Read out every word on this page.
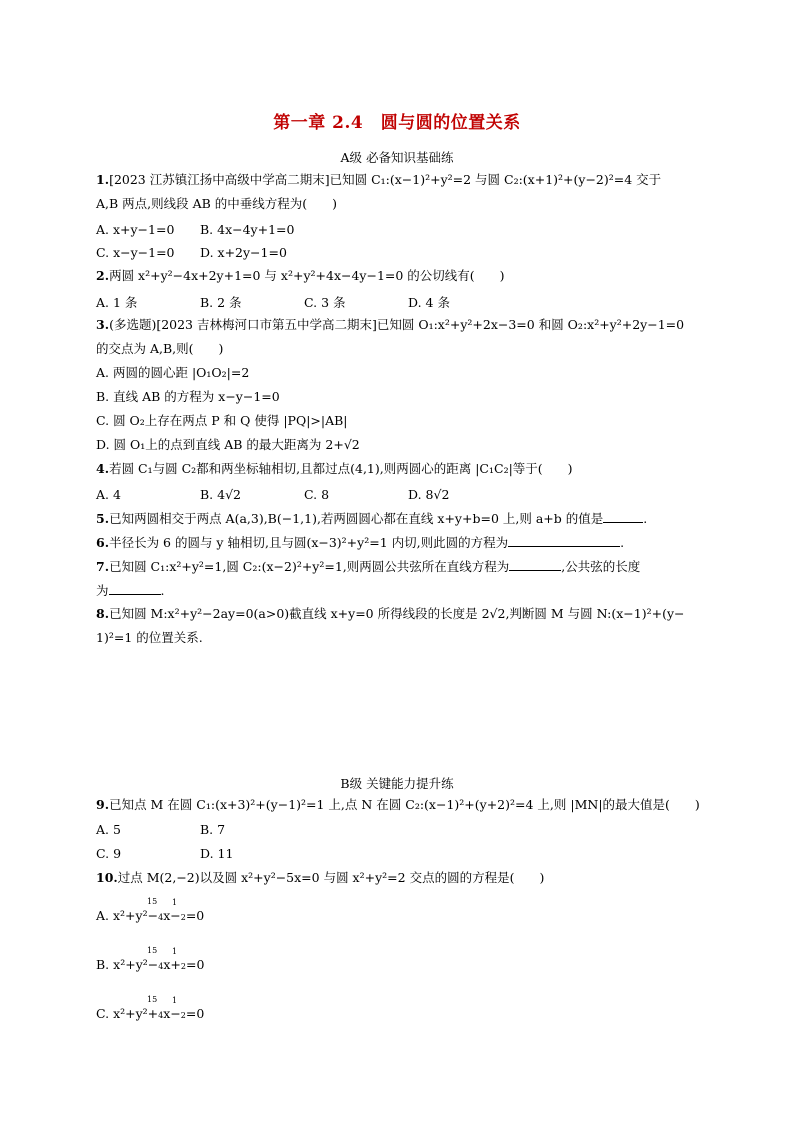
第一章 2.4　圆与圆的位置关系
A级 必备知识基础练
1.[2023 江苏镇江扬中高级中学高二期末]已知圆 C₁:(x−1)²+y²=2 与圆 C₂:(x+1)²+(y−2)²=4 交于
A,B 两点,则线段 AB 的中垂线方程为(　　)
A. x+y−1=0 B. 4x−4y+1=0
C. x−y−1=0 D. x+2y−1=0
2.两圆 x²+y²−4x+2y+1=0 与 x²+y²+4x−4y−1=0 的公切线有(　　)
A. 1 条	B. 2 条	C. 3 条	D. 4 条
3.(多选题)[2023 吉林梅河口市第五中学高二期末]已知圆 O₁:x²+y²+2x−3=0 和圆 O₂:x²+y²+2y−1=0
的交点为 A,B,则(　　)
A. 两圆的圆心距 |O₁O₂|=2
B. 直线 AB 的方程为 x−y−1=0
C. 圆 O₂上存在两点 P 和 Q 使得 |PQ|>|AB|
D. 圆 O₁上的点到直线 AB 的最大距离为 2+√2
4.若圆 C₁与圆 C₂都和两坐标轴相切,且都过点(4,1),则两圆心的距离 |C₁C₂|等于(　　)
A. 4	B. 4√2	C. 8	D. 8√2
5.已知两圆相交于两点 A(a,3),B(−1,1),若两圆圆心都在直线 x+y+b=0 上,则 a+b 的值是	.
6.半径长为 6 的圆与 y 轴相切,且与圆(x−3)²+y²=1 内切,则此圆的方程为	.
7.已知圆 C₁:x²+y²=1,圆 C₂:(x−2)²+y²=1,则两圆公共弦所在直线方程为	,公共弦的长度
为	.
8.已知圆 M:x²+y²−2ay=0(a>0)截直线 x+y=0 所得线段的长度是 2√2,判断圆 M 与圆 N:(x−1)²+(y−
1)²=1 的位置关系.
B级 关键能力提升练
9.已知点 M 在圆 C₁:(x+3)²+(y−1)²=1 上,点 N 在圆 C₂:(x−1)²+(y+2)²=4 上,则 |MN|的最大值是(　　)
A. 5	B. 7
C. 9	D. 11
10.过点 M(2,−2)以及圆 x²+y²−5x=0 与圆 x²+y²=2 交点的圆的方程是(　　)
15 1
A. x²+y²−4x−2=0
15 1
B. x²+y²−4x+2=0
15 1
C. x²+y²+4x−2=0
